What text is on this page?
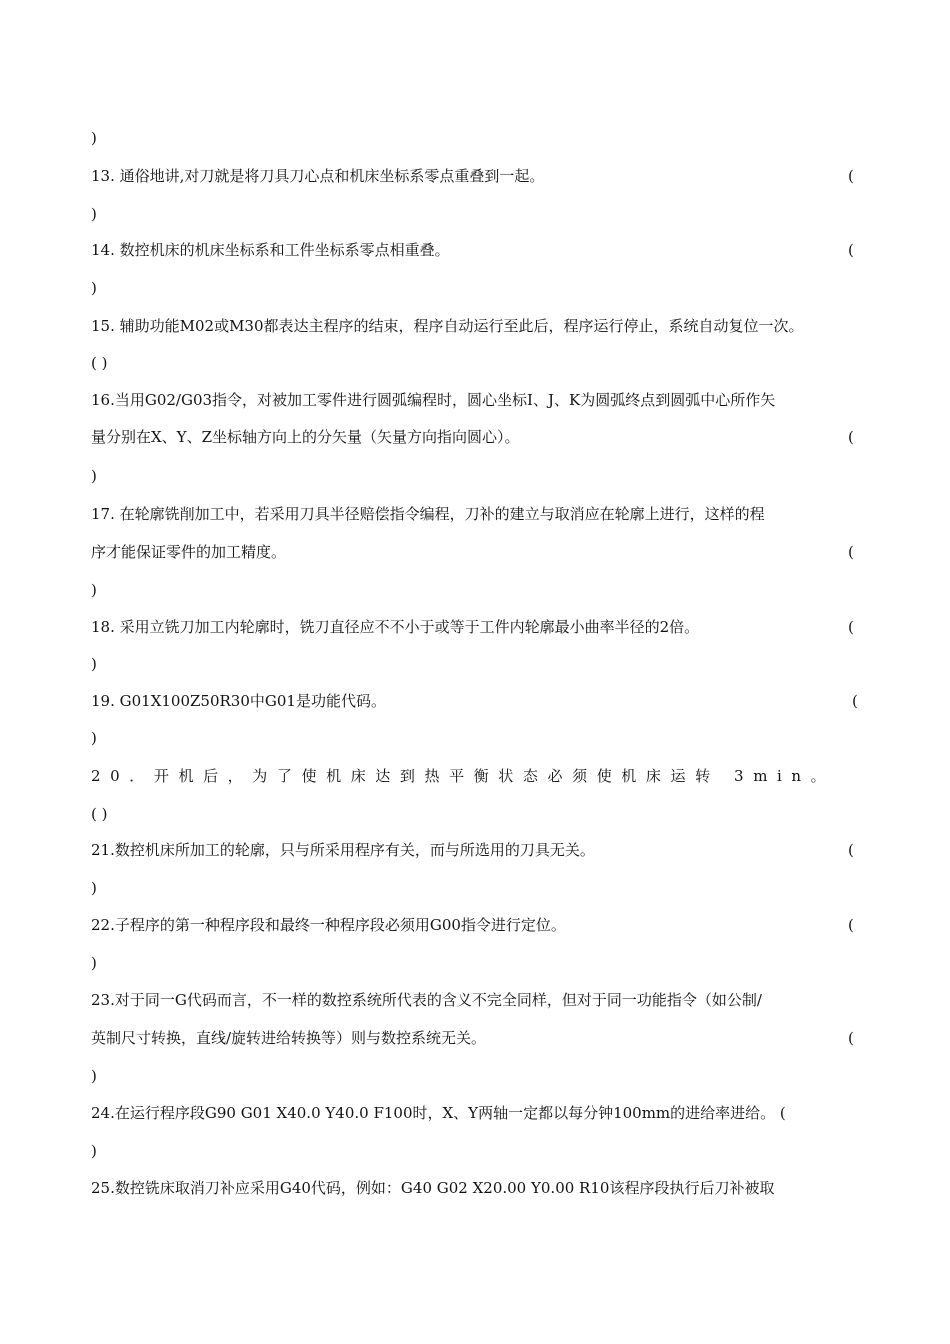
)
13. 通俗地讲,对刀就是将刀具刀心点和机床坐标系零点重叠到一起。	(
)
14. 数控机床的机床坐标系和工件坐标系零点相重叠。	(
)
15. 辅助功能M02或M30都表达主程序的结束，程序自动运行至此后，程序运行停止，系统自动复位一次。
( )
16.当用G02/G03指令，对被加工零件进行圆弧编程时，圆心坐标I、J、K为圆弧终点到圆弧中心所作矢
量分别在X、Y、Z坐标轴方向上的分矢量（矢量方向指向圆心）。	(
)
17. 在轮廓铣削加工中，若采用刀具半径赔偿指令编程，刀补的建立与取消应在轮廓上进行，这样的程
序才能保证零件的加工精度。	(
)
18. 采用立铣刀加工内轮廓时，铣刀直径应不不小于或等于工件内轮廓最小曲率半径的2倍。	(
)
19. G01X100Z50R30中G01是功能代码。	(
)
20．开机后，为了使机床达到热平衡状态必须使机床运转 3min。
( )
21.数控机床所加工的轮廓，只与所采用程序有关，而与所选用的刀具无关。	(
)
22.子程序的第一种程序段和最终一种程序段必须用G00指令进行定位。	(
)
23.对于同一G代码而言，不一样的数控系统所代表的含义不完全同样，但对于同一功能指令（如公制/
英制尺寸转换，直线/旋转进给转换等）则与数控系统无关。	(
)
24.在运行程序段G90 G01 X40.0 Y40.0 F100时，X、Y两轴一定都以每分钟100mm的进给率进给。 (
)
25.数控铣床取消刀补应采用G40代码，例如：G40 G02 X20.00 Y0.00 R10该程序段执行后刀补被取
